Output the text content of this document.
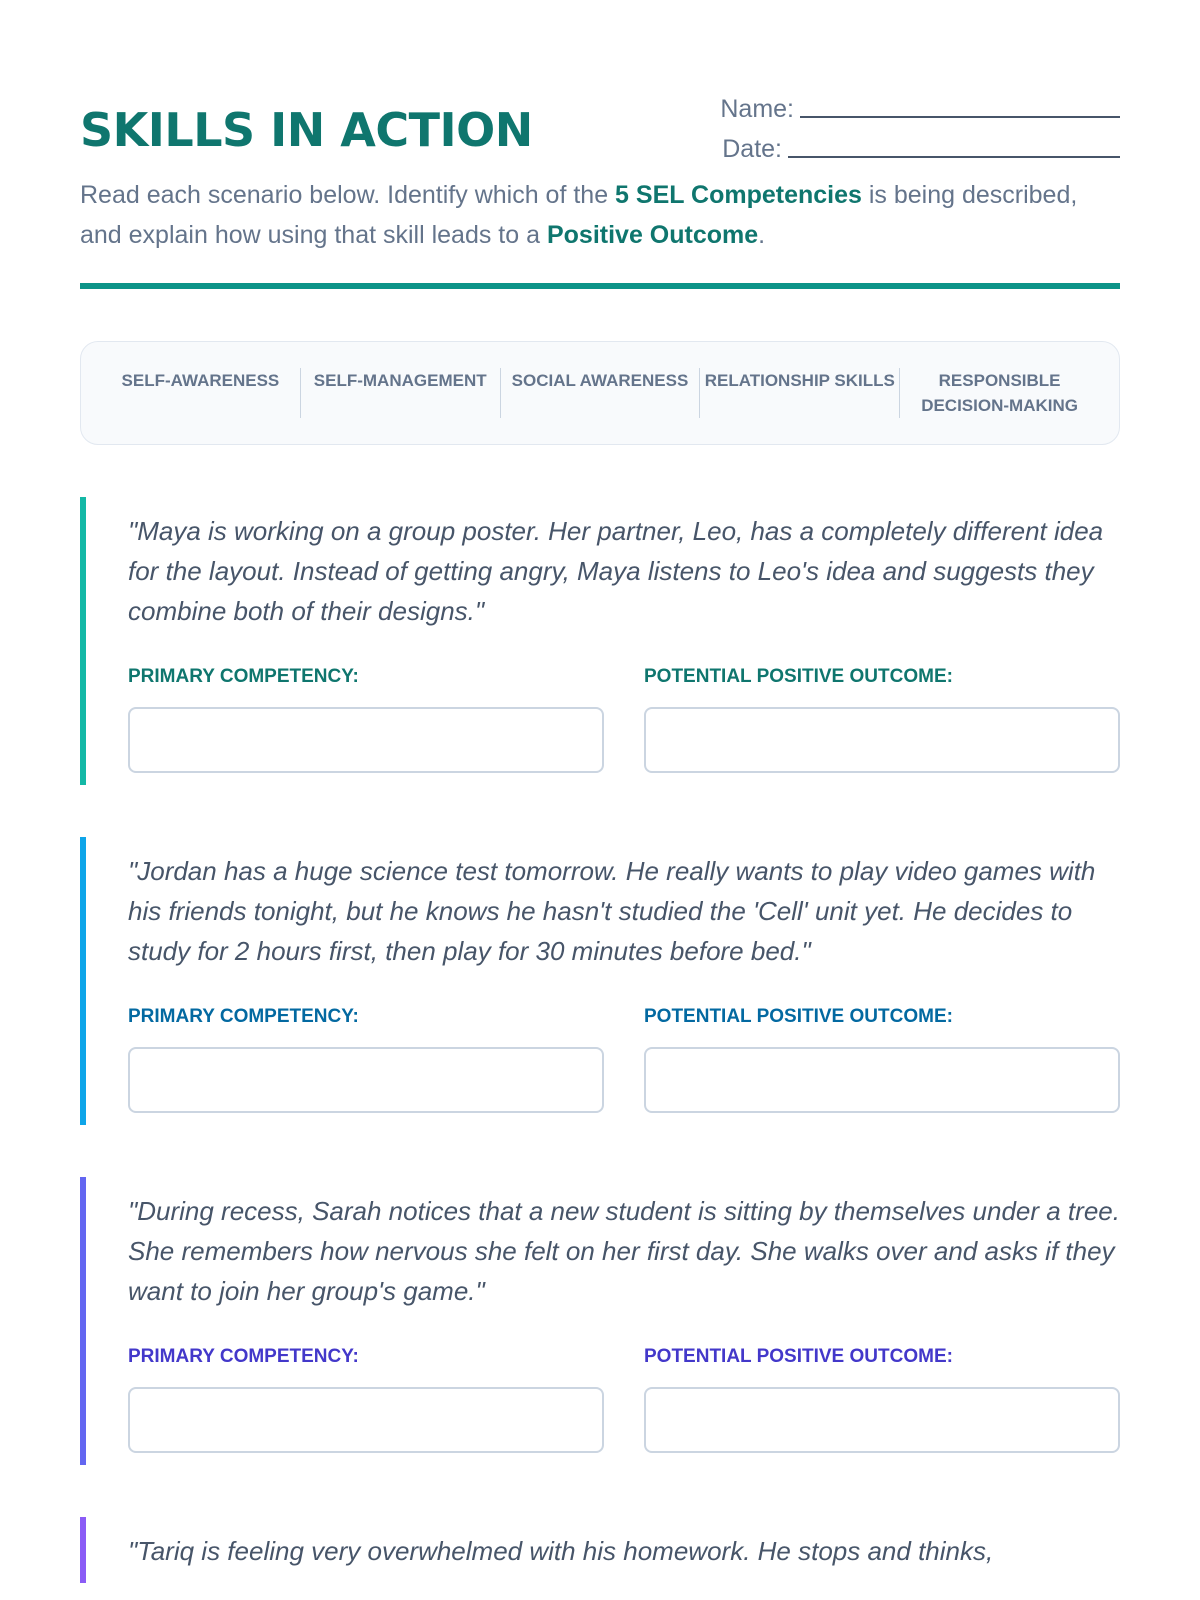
SKILLS IN ACTION	Name:
Date:

Read each scenario below. Identify which of the 5 SEL Competencies is being described, and explain how using that skill leads to a Positive Outcome.

SELF-AWARENESS	SELF-MANAGEMENT	SOCIAL AWARENESS RELATIONSHIP SKILLS	RESPONSIBLE DECISION-MAKING

"Maya is working on a group poster. Her partner, Leo, has a completely different idea for the layout. Instead of getting angry, Maya listens to Leo's idea and suggests they combine both of their designs."

PRIMARY COMPETENCY:	POTENTIAL POSITIVE OUTCOME:

"Jordan has a huge science test tomorrow. He really wants to play video games with his friends tonight, but he knows he hasn't studied the 'Cell' unit yet. He decides to study for 2 hours first, then play for 30 minutes before bed."

PRIMARY COMPETENCY:	POTENTIAL POSITIVE OUTCOME:

"During recess, Sarah notices that a new student is sitting by themselves under a tree. She remembers how nervous she felt on her first day. She walks over and asks if they want to join her group's game."

PRIMARY COMPETENCY:	POTENTIAL POSITIVE OUTCOME:

"Tariq is feeling very overwhelmed with his homework. He stops and thinks,
